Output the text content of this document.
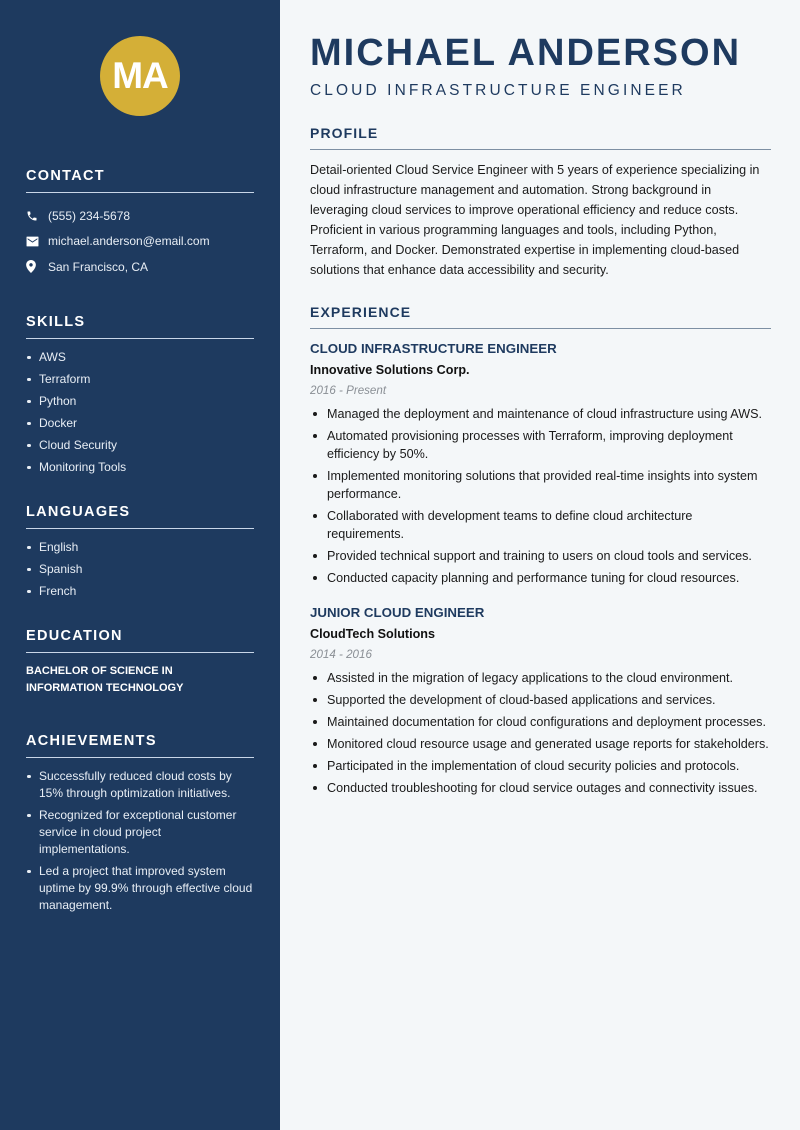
MA
CONTACT
(555) 234-5678
michael.anderson@email.com
San Francisco, CA
SKILLS
AWS
Terraform
Python
Docker
Cloud Security
Monitoring Tools
LANGUAGES
English
Spanish
French
EDUCATION
BACHELOR OF SCIENCE IN
INFORMATION TECHNOLOGY
ACHIEVEMENTS
Successfully reduced cloud costs by 15% through optimization initiatives.
Recognized for exceptional customer service in cloud project implementations.
Led a project that improved system uptime by 99.9% through effective cloud management.
MICHAEL ANDERSON
CLOUD INFRASTRUCTURE ENGINEER
PROFILE

Detail-oriented Cloud Service Engineer with 5 years of experience specializing in cloud infrastructure management and automation. Strong background in leveraging cloud services to improve operational efficiency and reduce costs. Proficient in various programming languages and tools, including Python, Terraform, and Docker. Demonstrated expertise in implementing cloud-based solutions that enhance data accessibility and security.

EXPERIENCE
CLOUD INFRASTRUCTURE ENGINEER
Innovative Solutions Corp.
2016 - Present
Managed the deployment and maintenance of cloud infrastructure using AWS.
Automated provisioning processes with Terraform, improving deployment efficiency by 50%.
Implemented monitoring solutions that provided real-time insights into system performance.
Collaborated with development teams to define cloud architecture requirements.
Provided technical support and training to users on cloud tools and services.
Conducted capacity planning and performance tuning for cloud resources.
JUNIOR CLOUD ENGINEER
CloudTech Solutions
2014 - 2016
Assisted in the migration of legacy applications to the cloud environment.
Supported the development of cloud-based applications and services.
Maintained documentation for cloud configurations and deployment processes.
Monitored cloud resource usage and generated usage reports for stakeholders.
Participated in the implementation of cloud security policies and protocols.
Conducted troubleshooting for cloud service outages and connectivity issues.
